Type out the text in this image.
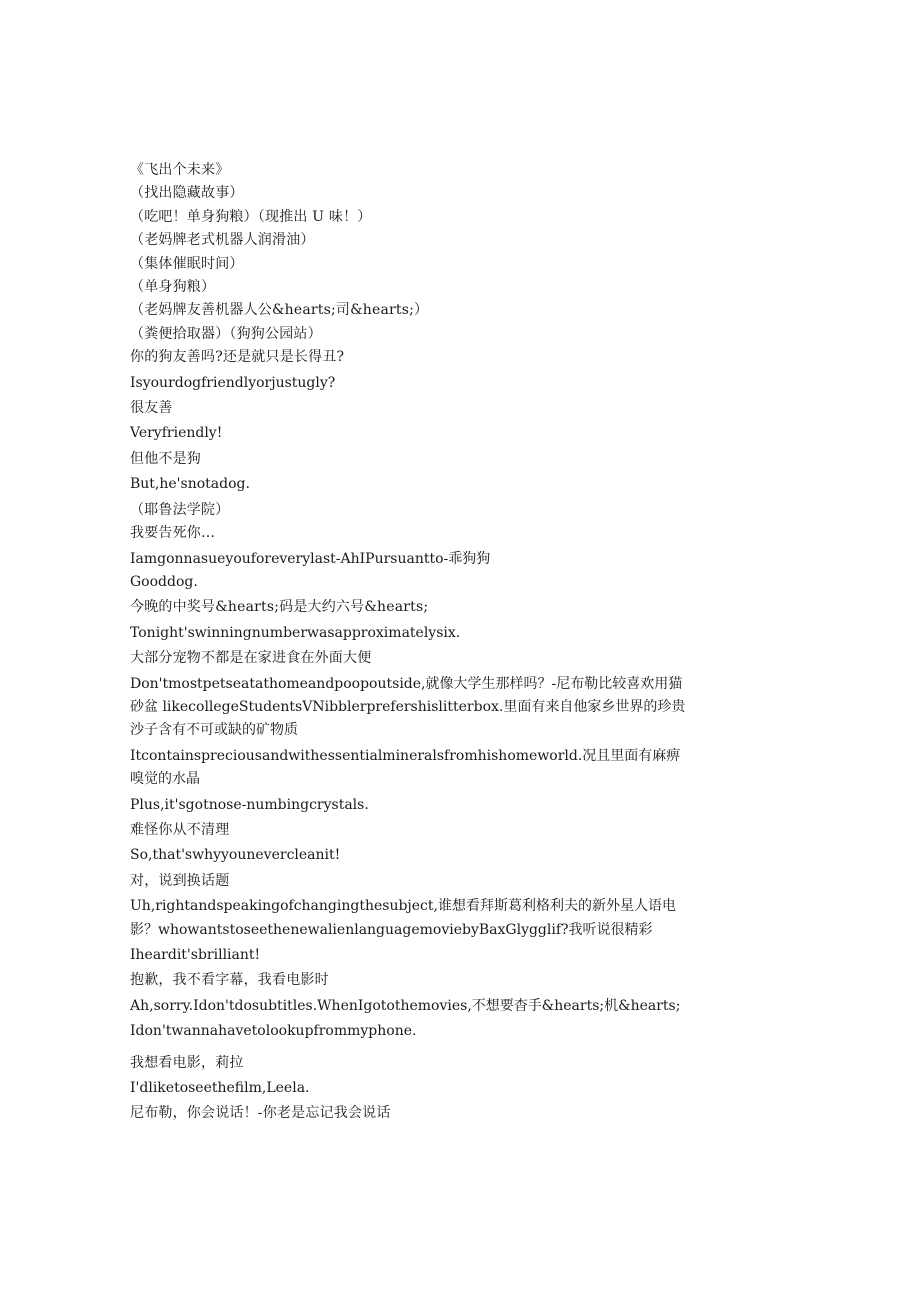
《飞出个未来》
（找出隐藏故事）
（吃吧！单身狗粮）（现推出 U 味！）
（老妈牌老式机器人润滑油）
（集体催眠时间）
（单身狗粮）
（老妈牌友善机器人公&hearts;司&hearts;）
（粪便拾取器）（狗狗公园站）
你的狗友善吗?还是就只是长得丑?
Isyourdogfriendlyorjustugly?
很友善
Veryfriendly!
但他不是狗
But,he'snotadog.
（耶鲁法学院）
我要告死你…
Iamgonnasueyouforeverylast-AhIPursuantto-乖狗狗
Gooddog.
今晚的中奖号&hearts;码是大约六号&hearts;
Tonight'swinningnumberwasapproximatelysix.
大部分宠物不都是在家进食在外面大便
Don'tmostpetseatathomeandpoopoutside,就像大学生那样吗？-尼布勒比较喜欢用猫砂盆 likecollegeStudentsVNibblerprefershislitterbox.里面有来自他家乡世界的珍贵沙子含有不可或缺的矿物质
Itcontainspreciousandwithessentialmineralsfromhishomeworld.况且里面有麻痹嗅觉的水晶
Plus,it'sgotnose-numbingcrystals.
难怪你从不清理
So,that'swhyyounevercleanit!
对，说到换话题
Uh,rightandspeakingofchangingthesubject,谁想看拜斯葛利格利夫的新外星人语电影？whowantstoseethenewalienlanguagemoviebyBaxGlygglif?我听说很精彩
Iheardit'sbrilliant!
抱歉，我不看字幕，我看电影时
Ah,sorry.Idon'tdosubtitles.WhenIgotothemovies,不想要杳手&hearts;机&hearts;
Idon'twannahavetolookupfrommyphone.
我想看电影，莉拉
I'dliketoseethefilm,Leela.
尼布勒，你会说话！-你老是忘记我会说话
